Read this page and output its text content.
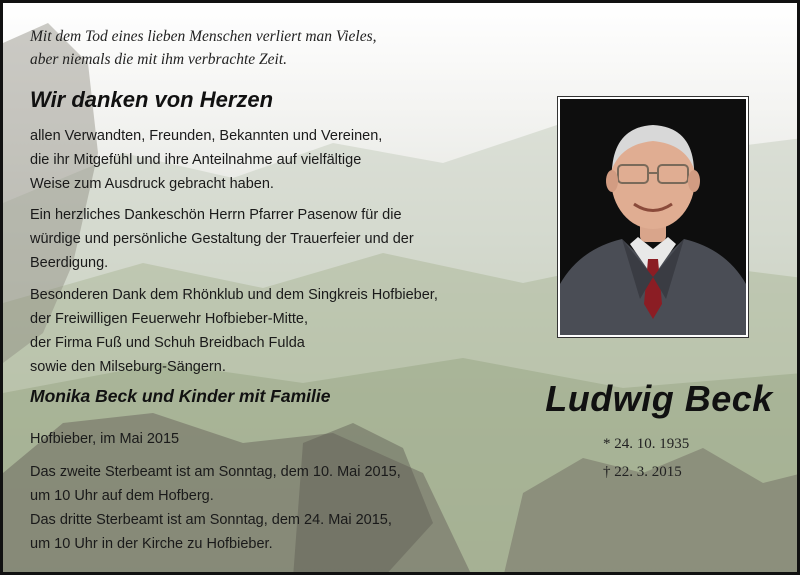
Mit dem Tod eines lieben Menschen verliert man Vieles,
aber niemals die mit ihm verbrachte Zeit.
Wir danken von Herzen
allen Verwandten, Freunden, Bekannten und Vereinen,
die ihr Mitgefühl und ihre Anteilnahme auf vielfältige
Weise zum Ausdruck gebracht haben.
Ein herzliches Dankeschön Herrn Pfarrer Pasenow für die
würdige und persönliche Gestaltung der Trauerfeier und der
Beerdigung.
Besonderen Dank dem Rhönklub und dem Singkreis Hofbieber,
der Freiwilligen Feuerwehr Hofbieber-Mitte,
der Firma Fuß und Schuh Breidbach Fulda
sowie den Milseburg-Sängern.
Monika Beck und Kinder mit Familie
Hofbieber, im Mai 2015

Das zweite Sterbeamt ist am Sonntag, dem 10. Mai 2015,
um 10 Uhr auf dem Hofberg.

Das dritte Sterbeamt ist am Sonntag, dem 24. Mai 2015,
um 10 Uhr in der Kirche zu Hofbieber.

Ludwig Beck
* 24. 10. 1935
† 22. 3. 2015
